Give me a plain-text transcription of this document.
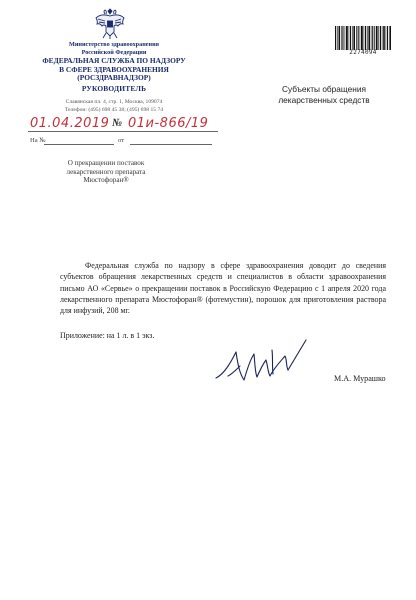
Министерство здравоохранения
Российской Федерации
ФЕДЕРАЛЬНАЯ СЛУЖБА ПО НАДЗОРУ
В СФЕРЕ ЗДРАВООХРАНЕНИЯ
(РОСЗДРАВНАДЗОР)
РУКОВОДИТЕЛЬ
Славянская пл. 4, стр. 1, Москва, 109074
Телефон: (495) 698 45 38; (495) 698 15 74
01.04.2019 № 01и-866/19
На №	от
О прекращении поставок
лекарственного препарата
Мюстофоран®
2274094
Субъекты обращения
лекарственных средств
Федеральная служба по надзору в сфере здравоохранения доводит до сведения субъектов обращения лекарственных средств и специалистов в области здравоохранения письмо АО «Сервье» о прекращении поставок в Российскую Федерацию с 1 апреля 2020 года лекарственного препарата Мюстофоран® (фотемустин), порошок для приготовления раствора для инфузий, 208 мг.
Приложение: на 1 л. в 1 экз.
М.А. Мурашко
